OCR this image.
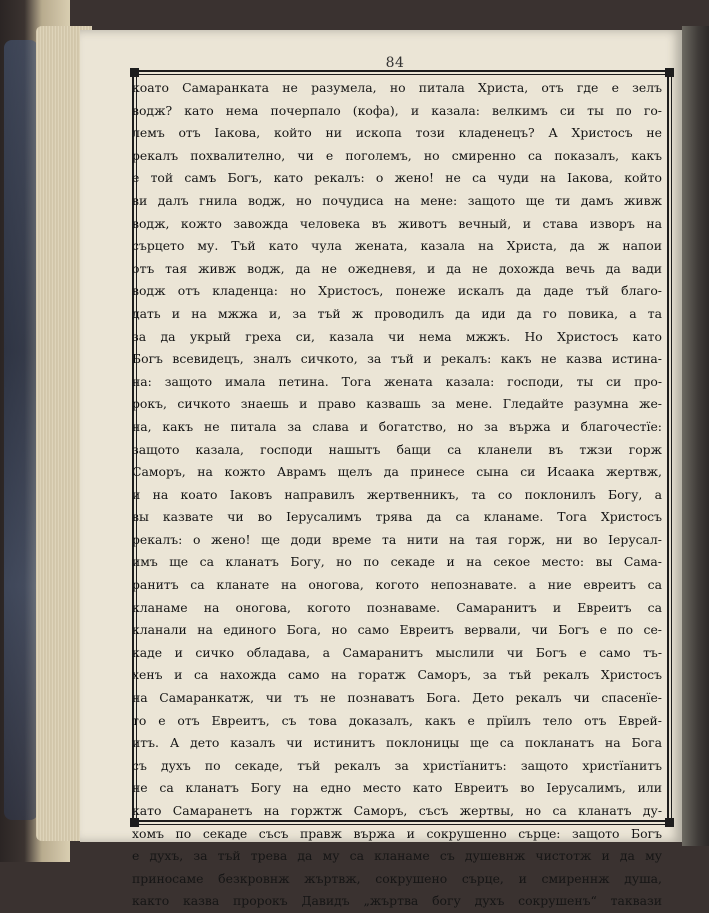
84
коато Самаранката не разумела, но питала Христа, отъ где е зелъ
водж? като нема почерпало (кофа), и казала: велкимъ си ты по го-
лемъ отъ Іакова, който ни ископа този кладенецъ? А Христосъ не
рекалъ похвалително, чи е поголемъ, но смиренно са показалъ, какъ
е той самъ Богъ, като рекалъ: о жено! не са чуди на Іакова, който
ви далъ гнила водж, но почудиса на мене: защото ще ти дамъ живж
водж, кожто завожда человека въ животъ вечный, и става изворъ на
сърцето му. Тъй като чула жената, казала на Христа, да ж напои
отъ тая живж водж, да не ожедневя, и да не дохожда вечь да вади
водж отъ кладенца: но Христосъ, понеже искалъ да даде тъй благо-
дать и на мжжа и, за тъй ж проводилъ да иди да го повика, а та
за да укрый греха си, казала чи нема мжжъ. Но Христосъ като
Богъ всевидецъ, зналъ сичкото, за тъй и рекалъ: какъ не казва истина-
на: защото имала петина. Тога жената казала: господи, ты си про-
рокъ, сичкото знаешь и право казвашь за мене. Гледайте разумна же-
на, какъ не питала за слава и богатство, но за вържа и благочестїе:
защото казала, господи нашытъ бащи са кланели въ тжзи горж
Саморъ, на кожто Аврамъ щелъ да принесе сына си Исаака жертвж,
и на коато Іаковъ направилъ жертвенникъ, та со поклонилъ Богу, а
вы казвате чи во Іерусалимъ трява да са кланаме. Тога Христосъ
рекалъ: о жено! ще доди време та нити на тая горж, ни во Іерусал-
имъ ще са кланатъ Богу, но по секаде и на секое место: вы Сама-
ранитъ са кланате на оногова, когото непознавате. а ние евреитъ са
кланаме на оногова, когото познаваме. Самаранитъ и Евреитъ са
кланали на единого Бога, но само Евреитъ вервали, чи Богъ е по се-
каде и сичко обладава, а Самаранитъ мыслили чи Богъ е само тъ-
хенъ и са нахожда само на горатж Саморъ, за тъй рекалъ Христосъ
на Самаранкатж, чи тъ не познаватъ Бога. Дето рекалъ чи спасенїе-
то е отъ Евреитъ, съ това доказалъ, какъ е прїилъ тело отъ Еврей-
итъ. А дето казалъ чи истинитъ поклоницы ще са покланатъ на Бога
съ духъ по секаде, тъй рекалъ за христїанитъ: защото христїанитъ
не са кланатъ Богу на едно место като Евреитъ во Іерусалимъ, или
като Самаранетъ на горжтж Саморъ, съсъ жертвы, но са кланатъ ду-
хомъ по секаде съсъ правж вържа и сокрушенно сърце: защото Богъ
е духъ, за тъй трева да му са кланаме съ душевнж чистотж и да му
приносаме безкровнж жъртвж, сокрушено сърце, и смиреннж душа,
както казва пророкъ Давидъ „жъртва богу духъ сокрушенъ“ таквази
